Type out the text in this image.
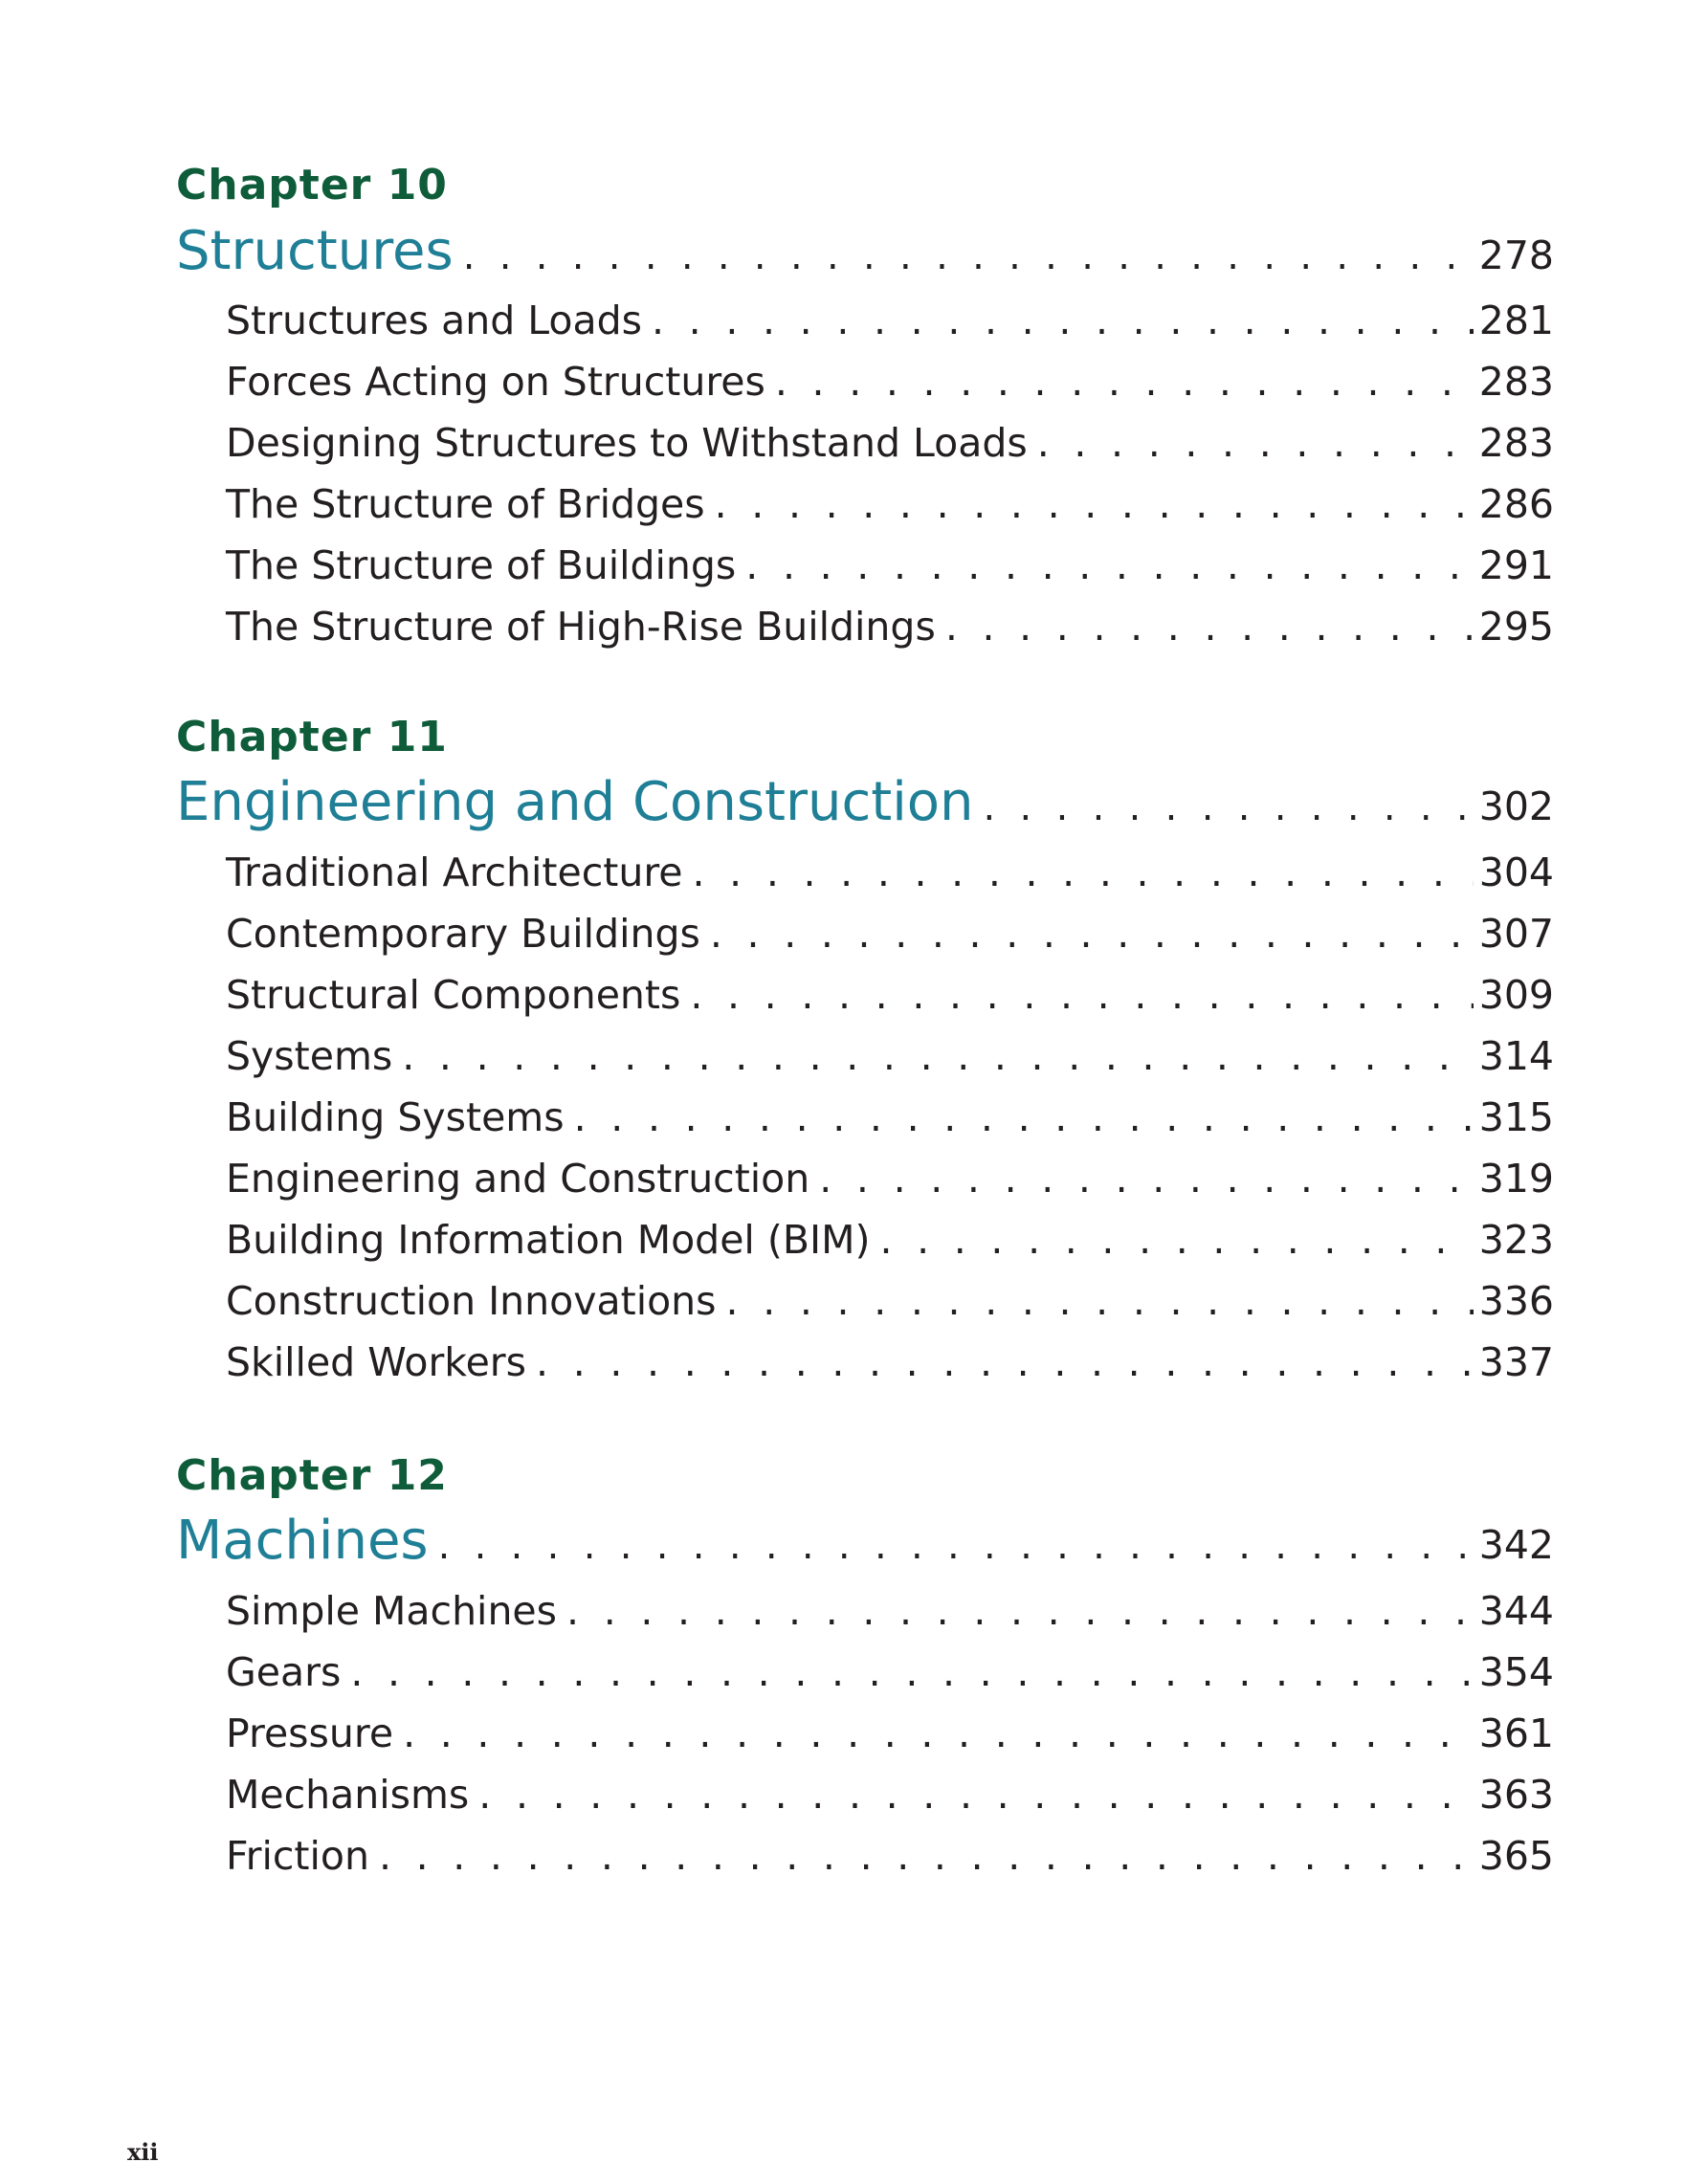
Chapter 10
Structures . . .	278
Structures and Loads . . .	281
Forces Acting on Structures . . .	283
Designing Structures to Withstand Loads . . .	283
The Structure of Bridges . . .	286
The Structure of Buildings . . .	291
The Structure of High-Rise Buildings . . .	295
Chapter 11
Engineering and Construction . . .	302
Traditional Architecture . . .	304
Contemporary Buildings . . .	307
Structural Components . . .	309
Systems . . .	314
Building Systems . . .	315
Engineering and Construction . . .	319
Building Information Model (BIM) . . .	323
Construction Innovations . . .	336
Skilled Workers . . .	337
Chapter 12
Machines . . .	342
Simple Machines . . .	344
Gears . . .	354
Pressure . . .	361
Mechanisms . . .	363
Friction . . .	365
xii
